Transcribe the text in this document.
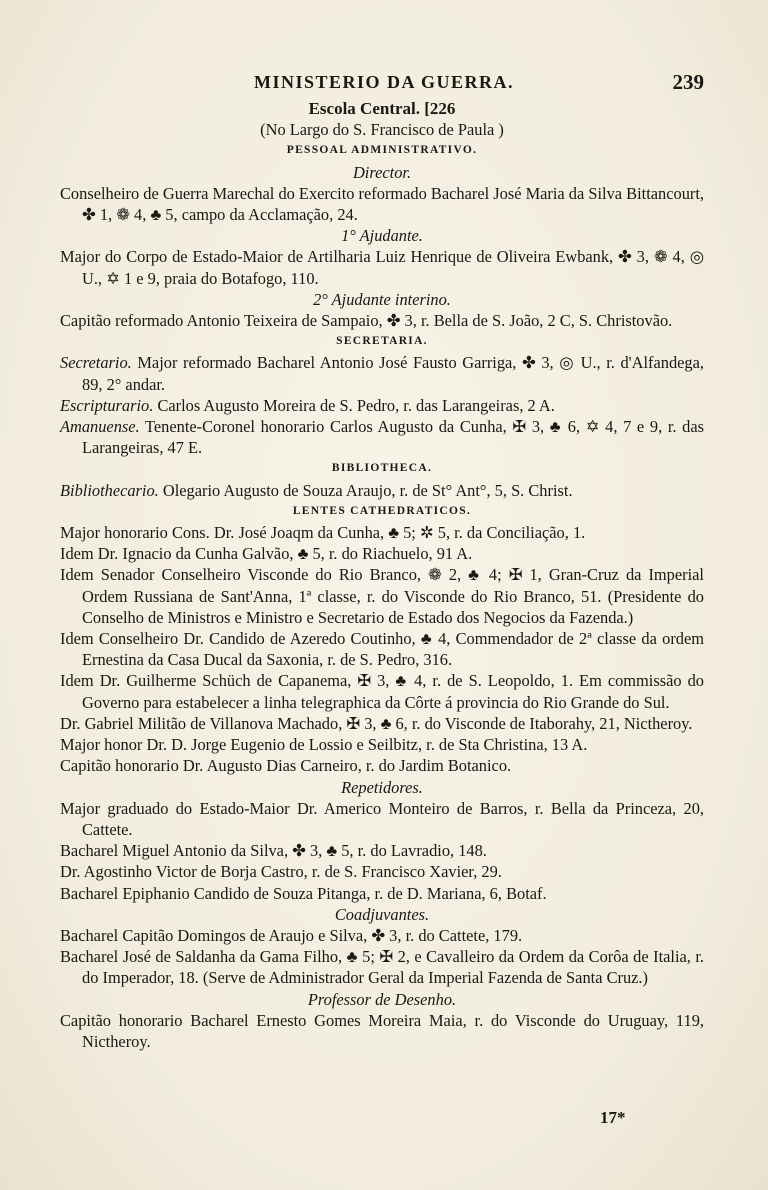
MINISTERIO DA GUERRA.	239
Escola Central. [226
(No Largo do S. Francisco de Paula )
PESSOAL ADMINISTRATIVO.
Director.
Conselheiro de Guerra Marechal do Exercito reformado Bacharel José Maria da Silva Bittancourt, ✤ 1, ❁ 4, ♣ 5, campo da Acclamação, 24.
1° Ajudante.
Major do Corpo de Estado-Maior de Artilharia Luiz Henrique de Oliveira Ewbank, ✤ 3, ❁ 4, ◎ U., ✡ 1 e 9, praia do Botafogo, 110.
2° Ajudante interino.
Capitão reformado Antonio Teixeira de Sampaio, ✤ 3, r. Bella de S. João, 2 C, S. Christovão.
SECRETARIA.
Secretario. Major reformado Bacharel Antonio José Fausto Garriga, ✤ 3, ◎ U., r. d'Alfandega, 89, 2° andar.
Escripturario. Carlos Augusto Moreira de S. Pedro, r. das Larangeiras, 2 A.
Amanuense. Tenente-Coronel honorario Carlos Augusto da Cunha, ✠ 3, ♣ 6, ✡ 4, 7 e 9, r. das Larangeiras, 47 E.
BIBLIOTHECA.
Bibliothecario. Olegario Augusto de Souza Araujo, r. de St° Ant°, 5, S. Christ.
LENTES CATHEDRATICOS.
Major honorario Cons. Dr. José Joaqm da Cunha, ♣ 5; ✲ 5, r. da Conciliação, 1.
Idem Dr. Ignacio da Cunha Galvão, ♣ 5, r. do Riachuelo, 91 A.
Idem Senador Conselheiro Visconde do Rio Branco, ❁ 2, ♣ 4; ✠ 1, Gran-Cruz da Imperial Ordem Russiana de Sant'Anna, 1ª classe, r. do Visconde do Rio Branco, 51. (Presidente do Conselho de Ministros e Ministro e Secretario de Estado dos Negocios da Fazenda.)
Idem Conselheiro Dr. Candido de Azeredo Coutinho, ♣ 4, Commendador de 2ª classe da ordem Ernestina da Casa Ducal da Saxonia, r. de S. Pedro, 316.
Idem Dr. Guilherme Schüch de Capanema, ✠ 3, ♣ 4, r. de S. Leopoldo, 1. Em commissão do Governo para estabelecer a linha telegraphica da Côrte á provincia do Rio Grande do Sul.
Dr. Gabriel Militão de Villanova Machado, ✠ 3, ♣ 6, r. do Visconde de Itaborahy, 21, Nictheroy.
Major honor Dr. D. Jorge Eugenio de Lossio e Seilbitz, r. de Sta Christina, 13 A.
Capitão honorario Dr. Augusto Dias Carneiro, r. do Jardim Botanico.
Repetidores.
Major graduado do Estado-Maior Dr. Americo Monteiro de Barros, r. Bella da Princeza, 20, Cattete.
Bacharel Miguel Antonio da Silva, ✤ 3, ♣ 5, r. do Lavradio, 148.
Dr. Agostinho Victor de Borja Castro, r. de S. Francisco Xavier, 29.
Bacharel Epiphanio Candido de Souza Pitanga, r. de D. Mariana, 6, Botaf.
Coadjuvantes.
Bacharel Capitão Domingos de Araujo e Silva, ✤ 3, r. do Cattete, 179.
Bacharel José de Saldanha da Gama Filho, ♣ 5; ✠ 2, e Cavalleiro da Ordem da Corôa de Italia, r. do Imperador, 18. (Serve de Administrador Geral da Imperial Fazenda de Santa Cruz.)
Professor de Desenho.
Capitão honorario Bacharel Ernesto Gomes Moreira Maia, r. do Visconde do Uruguay, 119, Nictheroy.
17*
